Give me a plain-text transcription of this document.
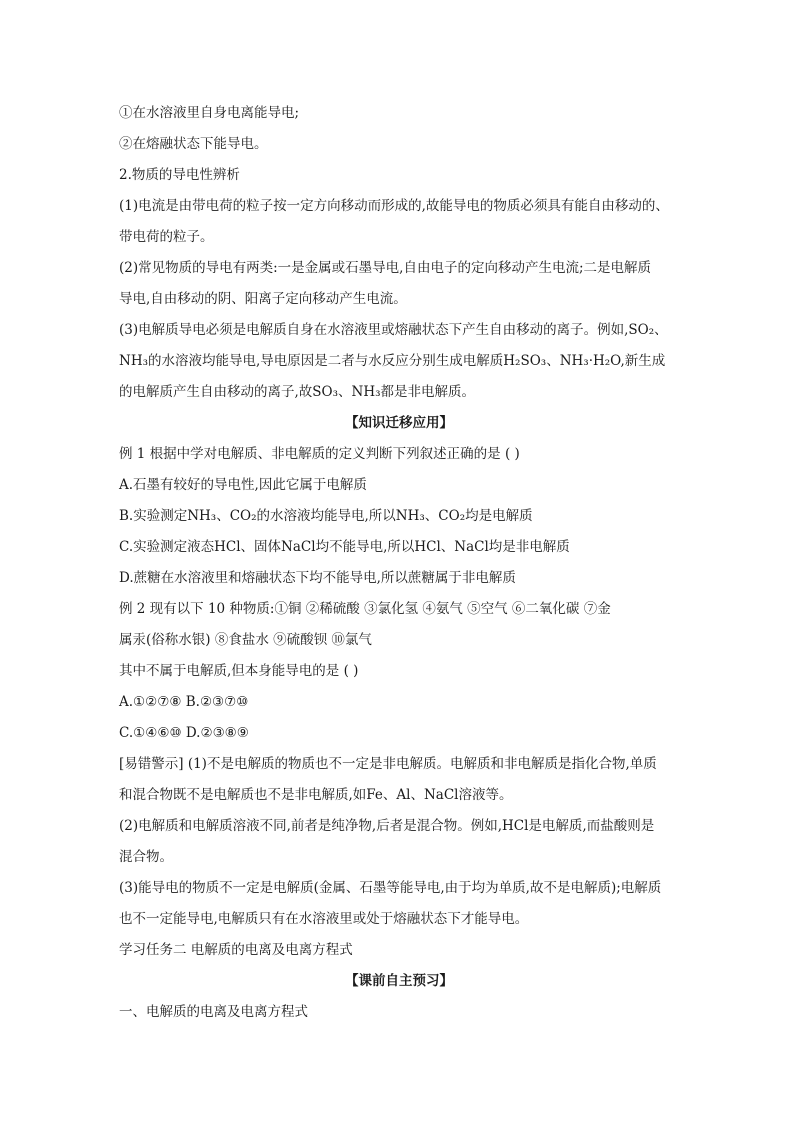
①在水溶液里自身电离能导电;
②在熔融状态下能导电。
2.物质的导电性辨析
(1)电流是由带电荷的粒子按一定方向移动而形成的,故能导电的物质必须具有能自由移动的、
带电荷的粒子。
(2)常见物质的导电有两类:一是金属或石墨导电,自由电子的定向移动产生电流;二是电解质
导电,自由移动的阴、阳离子定向移动产生电流。
(3)电解质导电必须是电解质自身在水溶液里或熔融状态下产生自由移动的离子。例如,SO₂、
NH₃的水溶液均能导电,导电原因是二者与水反应分别生成电解质H₂SO₃、NH₃·H₂O,新生成
的电解质产生自由移动的离子,故SO₃、NH₃都是非电解质。
【知识迁移应用】
例 1 根据中学对电解质、非电解质的定义判断下列叙述正确的是 ( )
A.石墨有较好的导电性,因此它属于电解质
B.实验测定NH₃、CO₂的水溶液均能导电,所以NH₃、CO₂均是电解质
C.实验测定液态HCl、固体NaCl均不能导电,所以HCl、NaCl均是非电解质
D.蔗糖在水溶液里和熔融状态下均不能导电,所以蔗糖属于非电解质
例 2 现有以下 10 种物质:①铜 ②稀硫酸 ③氯化氢 ④氨气 ⑤空气 ⑥二氧化碳 ⑦金
属汞(俗称水银) ⑧食盐水 ⑨硫酸钡 ⑩氯气
其中不属于电解质,但本身能导电的是 ( )
A.①②⑦⑧ B.②③⑦⑩
C.①④⑥⑩ D.②③⑧⑨
[易错警示] (1)不是电解质的物质也不一定是非电解质。电解质和非电解质是指化合物,单质
和混合物既不是电解质也不是非电解质,如Fe、Al、NaCl溶液等。
(2)电解质和电解质溶液不同,前者是纯净物,后者是混合物。例如,HCl是电解质,而盐酸则是
混合物。
(3)能导电的物质不一定是电解质(金属、石墨等能导电,由于均为单质,故不是电解质);电解质
也不一定能导电,电解质只有在水溶液里或处于熔融状态下才能导电。
学习任务二 电解质的电离及电离方程式
【课前自主预习】
一、电解质的电离及电离方程式
